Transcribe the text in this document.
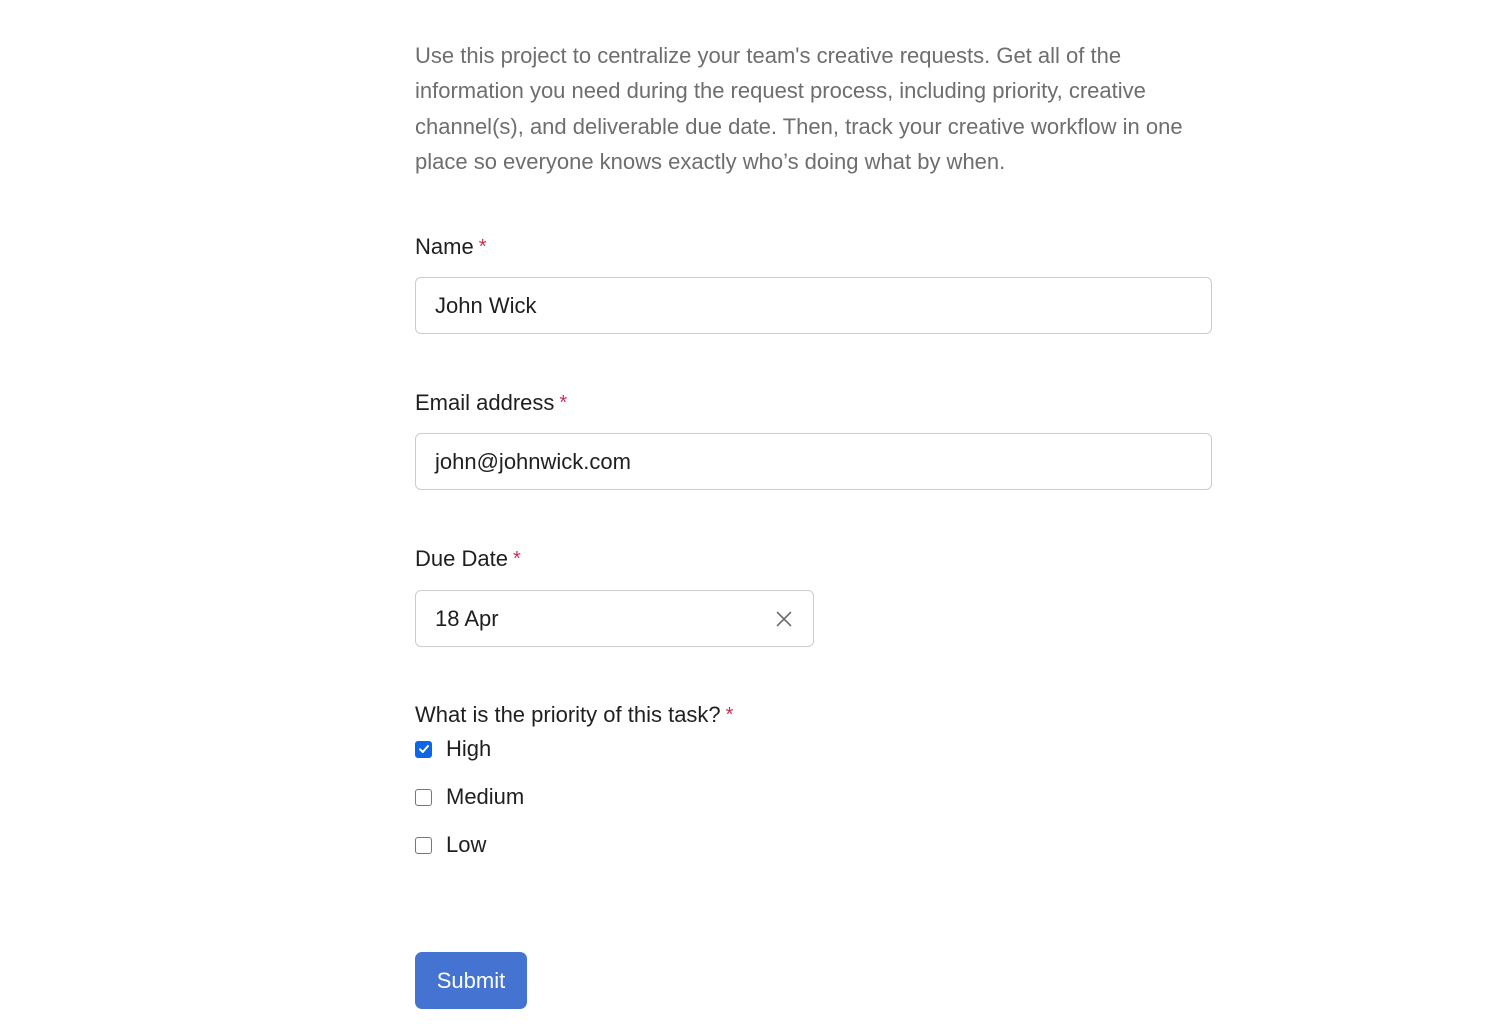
Use this project to centralize your team's creative requests. Get all of the information you need during the request process, including priority, creative channel(s), and deliverable due date. Then, track your creative workflow in one place so everyone knows exactly who’s doing what by when.

Name *
John Wick
Email address *
john@johnwick.com
Due Date *
18 Apr
What is the priority of this task? *
High
Medium
Low
Submit
